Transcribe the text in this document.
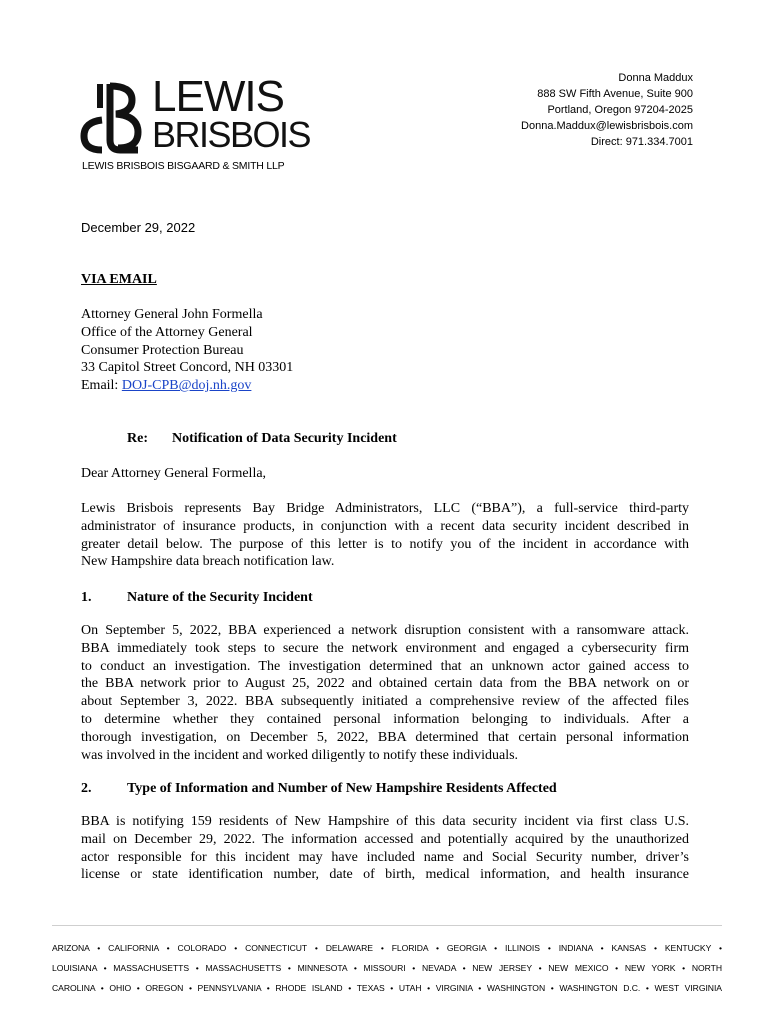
LEWIS
BRISBOIS
LEWIS BRISBOIS BISGAARD & SMITH LLP
Donna Maddux
888 SW Fifth Avenue, Suite 900
Portland, Oregon 97204-2025
Donna.Maddux@lewisbrisbois.com
Direct: 971.334.7001
December 29, 2022
VIA EMAIL
Attorney General John Formella
Office of the Attorney General
Consumer Protection Bureau
33 Capitol Street Concord, NH 03301
Email: DOJ-CPB@doj.nh.gov
Re: Notification of Data Security Incident
Dear Attorney General Formella,
Lewis Brisbois represents Bay Bridge Administrators, LLC (“BBA”), a full-service third-party
administrator of insurance products, in conjunction with a recent data security incident described in
greater detail below. The purpose of this letter is to notify you of the incident in accordance with
New Hampshire data breach notification law.
1.	Nature of the Security Incident
On September 5, 2022, BBA experienced a network disruption consistent with a ransomware attack.
BBA immediately took steps to secure the network environment and engaged a cybersecurity firm
to conduct an investigation. The investigation determined that an unknown actor gained access to
the BBA network prior to August 25, 2022 and obtained certain data from the BBA network on or
about September 3, 2022. BBA subsequently initiated a comprehensive review of the affected files
to determine whether they contained personal information belonging to individuals. After a
thorough investigation, on December 5, 2022, BBA determined that certain personal information
was involved in the incident and worked diligently to notify these individuals.
2.	Type of Information and Number of New Hampshire Residents Affected
BBA is notifying 159 residents of New Hampshire of this data security incident via first class U.S.
mail on December 29, 2022. The information accessed and potentially acquired by the unauthorized
actor responsible for this incident may have included name and Social Security number, driver’s
license or state identification number, date of birth, medical information, and health insurance
ARIZONA • CALIFORNIA • COLORADO • CONNECTICUT • DELAWARE • FLORIDA • GEORGIA • ILLINOIS • INDIANA • KANSAS • KENTUCKY •
LOUISIANA • MASSACHUSETTS • MASSACHUSETTS • MINNESOTA • MISSOURI • NEVADA • NEW JERSEY • NEW MEXICO • NEW YORK • NORTH
CAROLINA • OHIO • OREGON • PENNSYLVANIA • RHODE ISLAND • TEXAS • UTAH • VIRGINIA • WASHINGTON • WASHINGTON D.C. • WEST VIRGINIA
